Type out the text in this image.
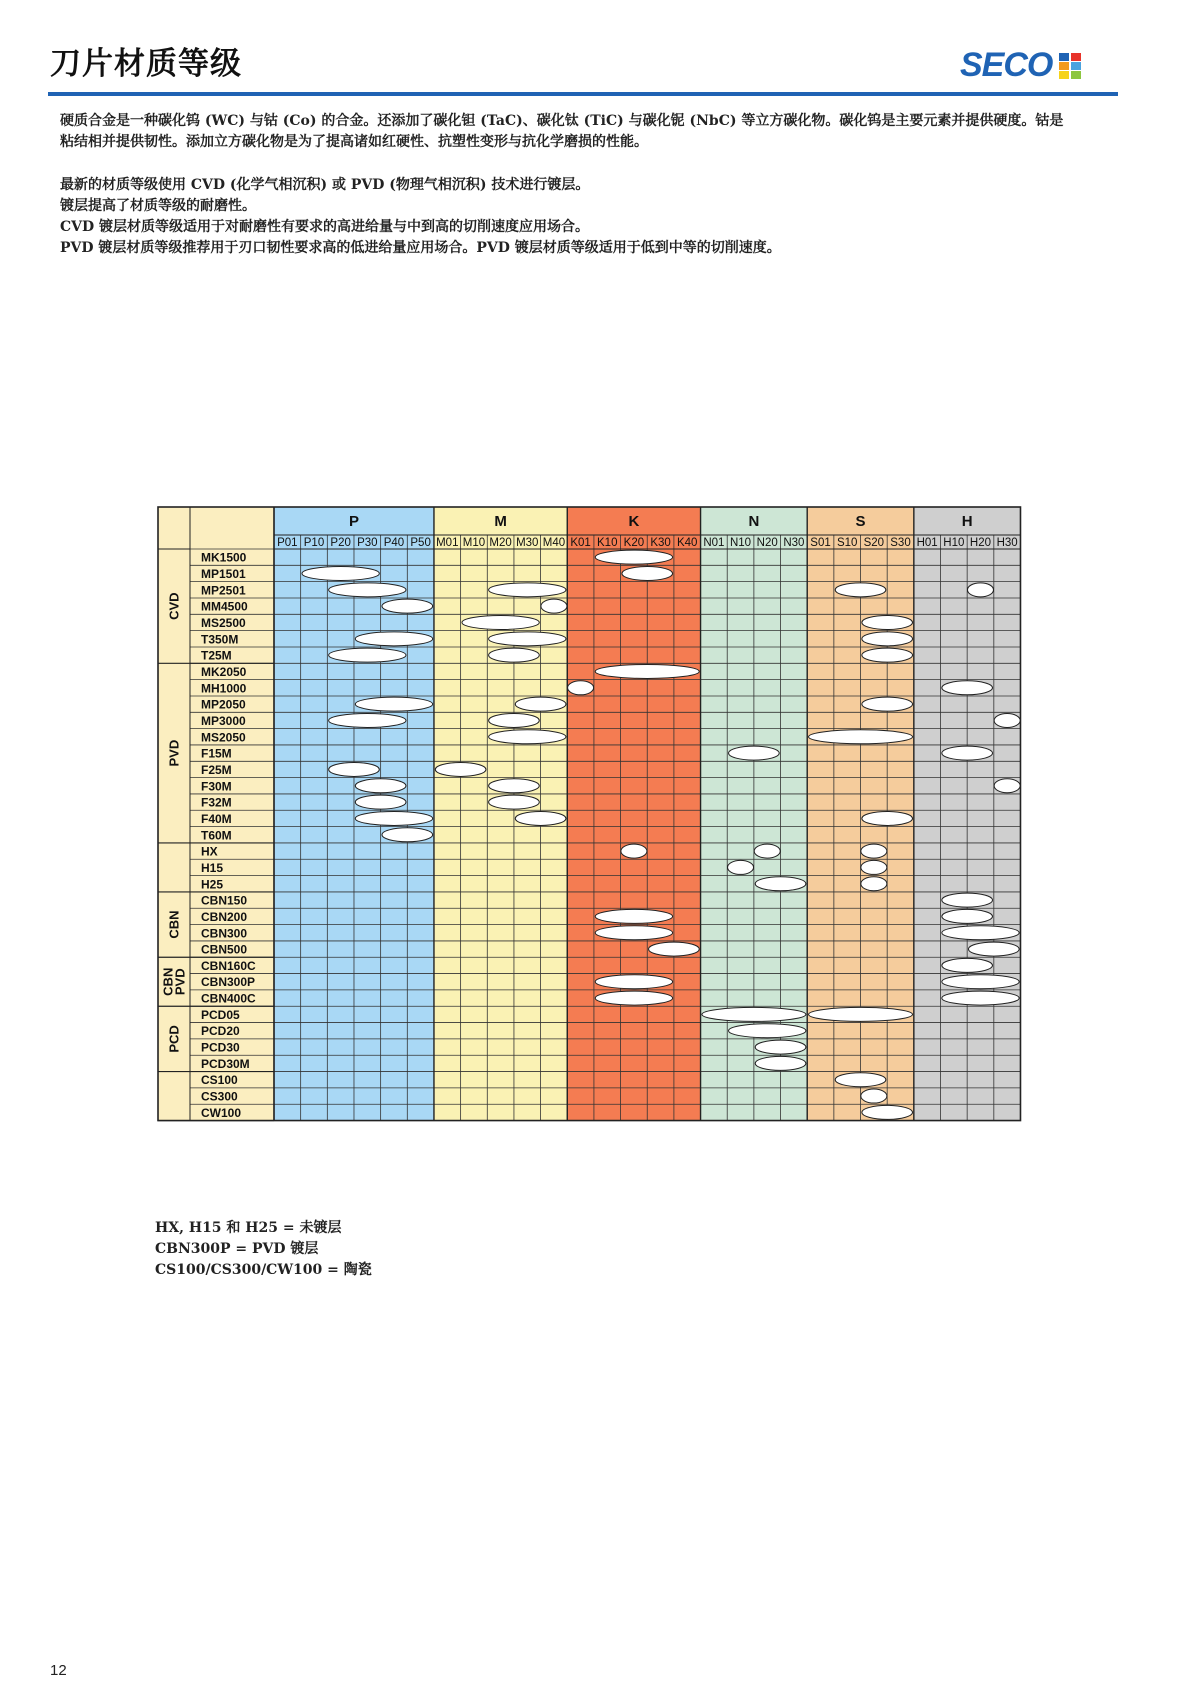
刀片材质等级	SECO
硬质合金是一种碳化钨 (WC) 与钴 (Co) 的合金。还添加了碳化钽 (TaC)、碳化钛 (TiC) 与碳化铌 (NbC) 等立方碳化物。碳化钨是主要元素并提供硬度。钴是
粘结相并提供韧性。添加立方碳化物是为了提高诸如红硬性、抗塑性变形与抗化学磨损的性能。
最新的材质等级使用 CVD (化学气相沉积) 或 PVD (物理气相沉积) 技术进行镀层。
镀层提高了材质等级的耐磨性。
CVD 镀层材质等级适用于对耐磨性有要求的高进给量与中到高的切削速度应用场合。
PVD 镀层材质等级推荐用于刃口韧性要求高的低进给量应用场合。PVD 镀层材质等级适用于低到中等的切削速度。
P
P01 P10 P20 P30 P40 P50
M
M01 M10 M20 M30 M40
K
K01 K10 K20 K30 K40
N
N01 N10 N20 N30
S
S01 S10 S20 S30
H
H01 H10 H20 H30
CVD
MK1500
MP1501
MP2501
MM4500
MS2500
T350M
T25M
PVD
MK2050
MH1000
MP2050
MP3000
MS2050
F15M
F25M
F30M
F32M
F40M
T60M
HX
H15
H25
CBN
CBN150
CBN200
CBN300
CBN500
CBN
PVD
CBN160C
CBN300P
CBN400C
PCD
PCD05
PCD20
PCD30
PCD30M
CS100
CS300
CW100
HX, H15 和 H25 = 未镀层
CBN300P = PVD 镀层
CS100/CS300/CW100 = 陶瓷
12
